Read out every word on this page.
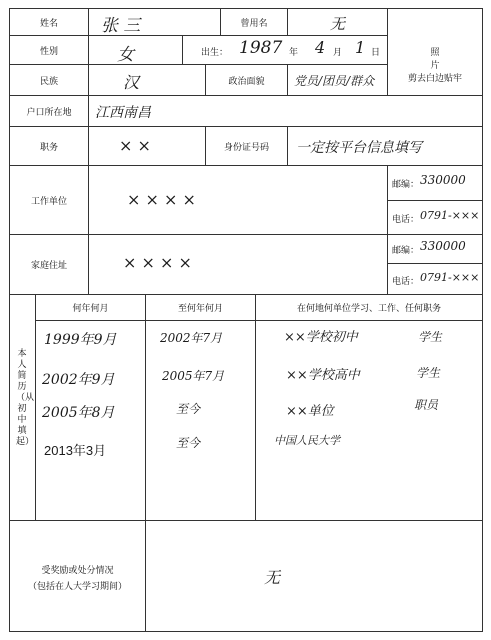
姓名	张 三	曾用名	无
照
片
剪去白边贴牢
性别	女	出生： 1987 年 4 月 1 日
民族	汉	政治面貌	党员/团员/群众
户口所在地	江西南昌
职务	× ×	身份证号码	一定按平台信息填写
工作单位	× × × ×
邮编： 330000
电话： 0791-×××
家庭住址	× × × ×
邮编： 330000
电话： 0791-×××
本人简历（从初中填起）
何年何月	至何年何月	在何地何单位学习、工作、任何职务
1999年9月	2002年7月	××学校初中	学生
2002年9月	2005年7月	××学校高中	学生
2005年8月	至今	××单位	职员
2013年3月	至今	中国人民大学
受奖励或处分情况
（包括在人大学习期间）	无
